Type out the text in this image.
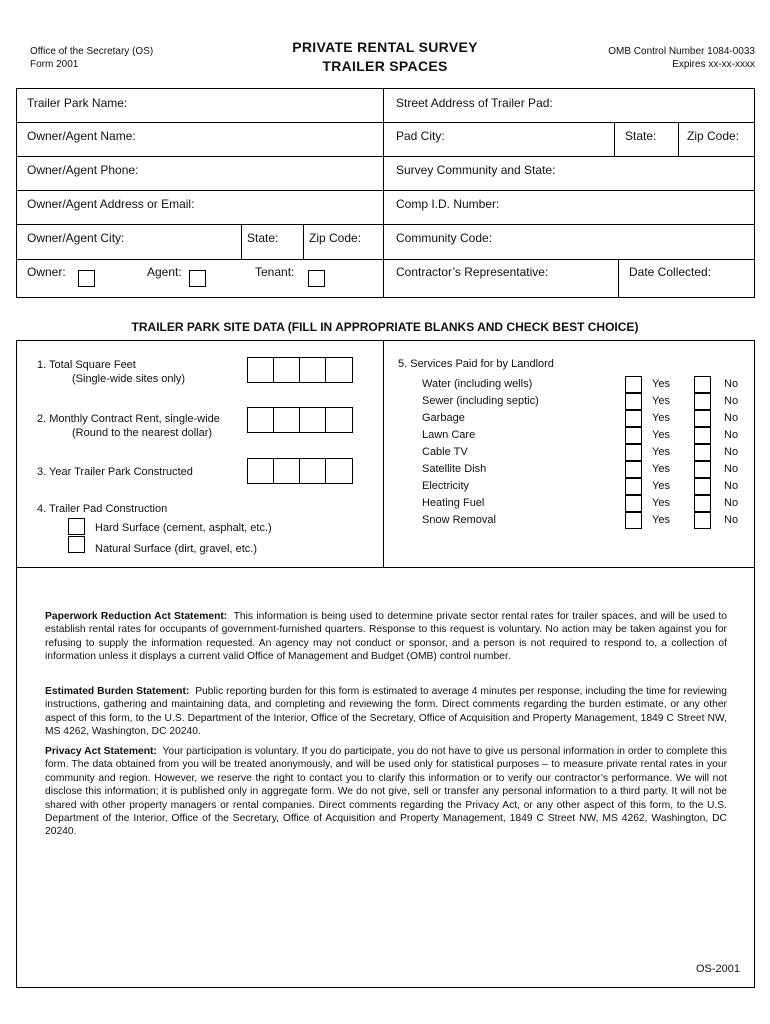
Office of the Secretary (OS)
Form 2001
PRIVATE RENTAL SURVEY
TRAILER SPACES
OMB Control Number 1084-0033
Expires xx-xx-xxxx
Trailer Park Name:	Street Address of Trailer Pad:
Owner/Agent Name:	Pad City:	State:	Zip Code:
Owner/Agent Phone:	Survey Community and State:
Owner/Agent Address or Email:	Comp I.D. Number:
Owner/Agent City:	State:	Zip Code:	Community Code:
Owner:	Agent:	Tenant:	Contractor’s Representative:	Date Collected:
TRAILER PARK SITE DATA (FILL IN APPROPRIATE BLANKS AND CHECK BEST CHOICE)
1. Total Square Feet
(Single-wide sites only)
2. Monthly Contract Rent, single-wide
(Round to the nearest dollar)
3. Year Trailer Park Constructed
4. Trailer Pad Construction
Hard Surface (cement, asphalt, etc.)
Natural Surface (dirt, gravel, etc.)
5. Services Paid for by Landlord
Water (including wells)	Yes	No
Sewer (including septic)	Yes	No
Garbage	Yes	No
Lawn Care	Yes	No
Cable TV	Yes	No
Satellite Dish	Yes	No
Electricity	Yes	No
Heating Fuel	Yes	No
Snow Removal	Yes	No
Paperwork Reduction Act Statement: This information is being used to determine private sector rental rates for trailer spaces, and will be used to establish rental rates for occupants of government-furnished quarters. Response to this request is voluntary. No action may be taken against you for refusing to supply the information requested. An agency may not conduct or sponsor, and a person is not required to respond to, a collection of information unless it displays a current valid Office of Management and Budget (OMB) control number.
Estimated Burden Statement: Public reporting burden for this form is estimated to average 4 minutes per response, including the time for reviewing instructions, gathering and maintaining data, and completing and reviewing the form. Direct comments regarding the burden estimate, or any other aspect of this form, to the U.S. Department of the Interior, Office of the Secretary, Office of Acquisition and Property Management, 1849 C Street NW, MS 4262, Washington, DC 20240.
Privacy Act Statement: Your participation is voluntary. If you do participate, you do not have to give us personal information in order to complete this form. The data obtained from you will be treated anonymously, and will be used only for statistical purposes – to measure private rental rates in your community and region. However, we reserve the right to contact you to clarify this information or to verify our contractor’s performance. We will not disclose this information; it is published only in aggregate form. We do not give, sell or transfer any personal information to a third party. It will not be shared with other property managers or rental companies. Direct comments regarding the Privacy Act, or any other aspect of this form, to the U.S. Department of the Interior, Office of the Secretary, Office of Acquisition and Property Management, 1849 C Street NW, MS 4262, Washington, DC 20240.
OS-2001
